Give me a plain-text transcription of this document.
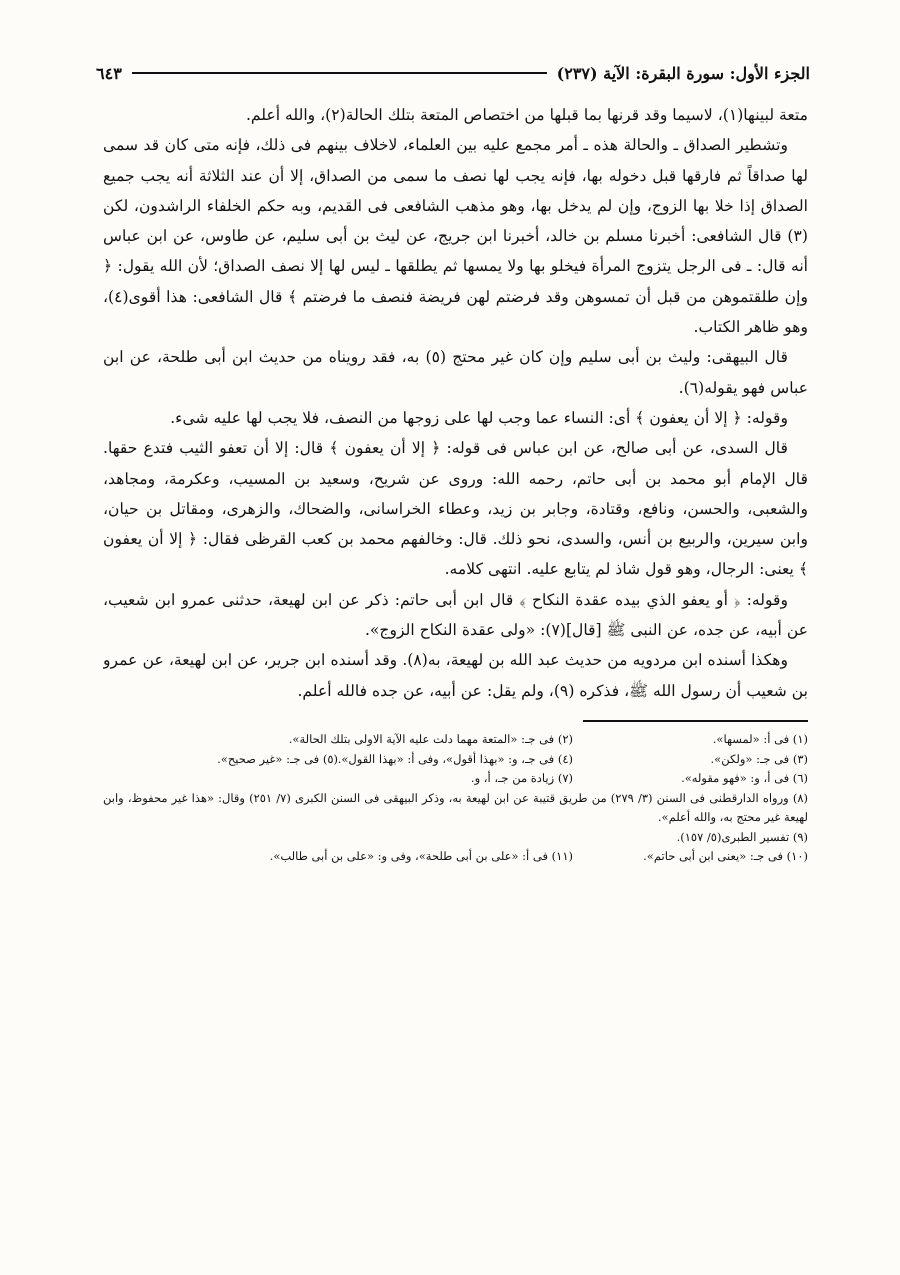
الجزء الأول: سورة البقرة: الآية (٢٣٧)
٦٤٣

متعة لبينها(١)، لاسيما وقد قرنها بما قبلها من اختصاص المتعة بتلك الحالة(٢)، والله أعلم.

وتشطير الصداق ـ والحالة هذه ـ أمر مجمع عليه بين العلماء، لاخلاف بينهم فى ذلك، فإنه متى كان قد سمى لها صداقاً ثم فارقها قبل دخوله بها، فإنه يجب لها نصف ما سمى من الصداق، إلا أن عند الثلاثة أنه يجب جميع الصداق إذا خلا بها الزوج، وإن لم يدخل بها، وهو مذهب الشافعى فى القديم، وبه حكم الخلفاء الراشدون، لكن (٣) قال الشافعى: أخبرنا مسلم بن خالد، أخبرنا ابن جريج، عن ليث بن أبى سليم، عن طاوس، عن ابن عباس أنه قال: ـ فى الرجل يتزوج المرأة فيخلو بها ولا يمسها ثم يطلقها ـ ليس لها إلا نصف الصداق؛ لأن الله يقول: ﴿ وإن طلقتموهن من قبل أن تمسوهن وقد فرضتم لهن فريضة فنصف ما فرضتم ﴾ قال الشافعى: هذا أقوى(٤)، وهو ظاهر الكتاب.

قال البيهقى: وليث بن أبى سليم وإن كان غير محتج (٥) به، فقد رويناه من حديث ابن أبى طلحة، عن ابن عباس فهو يقوله(٦).

وقوله: ﴿ إلا أن يعفون ﴾ أى: النساء عما وجب لها على زوجها من النصف، فلا يجب لها عليه شىء.

قال السدى، عن أبى صالح، عن ابن عباس فى قوله: ﴿ إلا أن يعفون ﴾ قال: إلا أن تعفو الثيب فتدع حقها. قال الإمام أبو محمد بن أبى حاتم، رحمه الله: وروى عن شريح، وسعيد بن المسيب، وعكرمة، ومجاهد، والشعبى، والحسن، ونافع، وقتادة، وجابر بن زيد، وعطاء الخراسانى، والضحاك، والزهرى، ومقاتل بن حيان، وابن سيرين، والربيع بن أنس، والسدى، نحو ذلك. قال: وخالفهم محمد بن كعب القرظى فقال: ﴿ إلا أن يعفون ﴾ يعنى: الرجال، وهو قول شاذ لم يتابع عليه. انتهى كلامه.

وقوله: ﴿ أو يعفو الذي بيده عقدة النكاح ﴾ قال ابن أبى حاتم: ذكر عن ابن لهيعة، حدثنى عمرو ابن شعيب، عن أبيه، عن جده، عن النبى ﷺ [قال](٧): «ولى عقدة النكاح الزوج».

وهكذا أسنده ابن مردويه من حديث عبد الله بن لهيعة، به(٨). وقد أسنده ابن جرير، عن ابن لهيعة، عن عمرو بن شعيب أن رسول الله ﷺ، فذكره (٩)، ولم يقل: عن أبيه، عن جده فالله أعلم.

(١) فى أ: «لمسها».
(٢) فى جـ: «المتعة مهما دلت عليه الآية الاولى بتلك الحالة».
(٣) فى جـ: «ولكن».
(٤) فى جـ، و: «بهذا أقول»، وفى أ: «بهذا القول».
(٥) فى جـ: «غير صحيح».
(٦) فى أ، و: «فهو مقوله».
(٧) زيادة من جـ، أ، و.
(٨) ورواه الدارقطنى فى السنن (٣/ ٢٧٩) من طريق قتيبة عن ابن لهيعة به، وذكر البيهقى فى السنن الكبرى (٧/ ٢٥١) وقال: «هذا غير محفوظ، وابن لهيعة غير محتج به، والله أعلم».
(٩) تفسير الطبرى(٥/ ١٥٧).
(١٠) فى جـ: «يعنى ابن أبى حاتم».
(١١) فى أ: «على بن أبى طلحة»، وفى و: «على بن أبى طالب».
